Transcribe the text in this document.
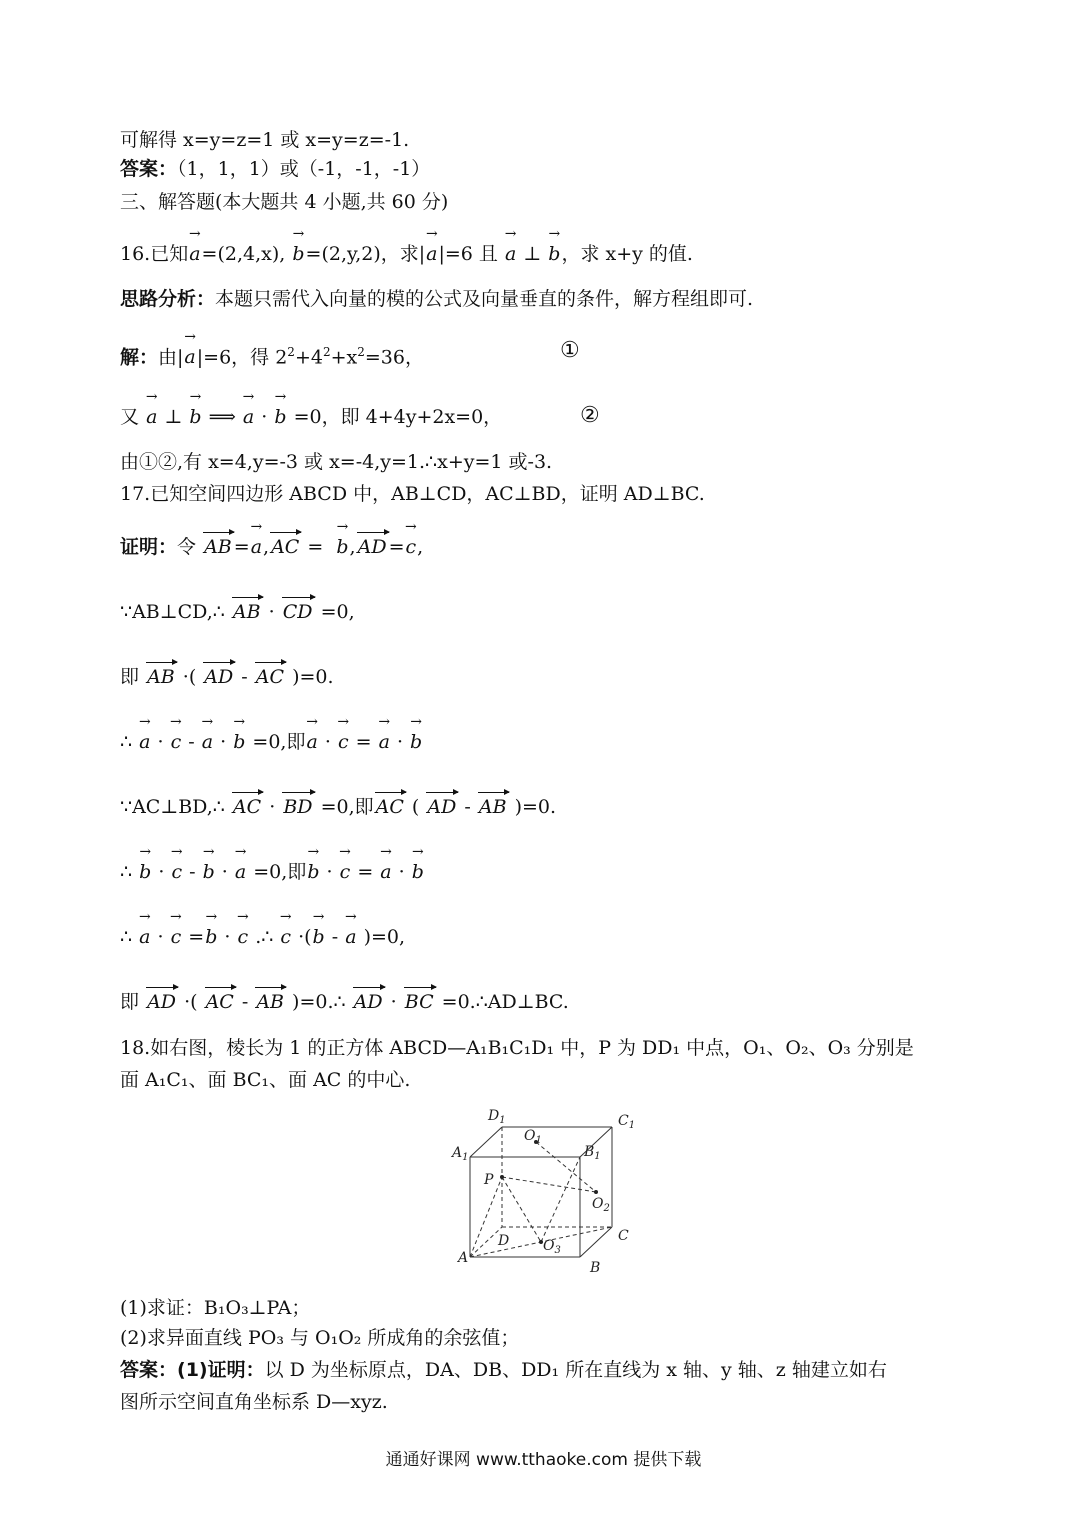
可解得 x=y=z=1 或 x=y=z=-1.
答案：（1，1，1）或（-1，-1，-1）
三、解答题(本大题共 4 小题,共 60 分)
16.已知→ a=(2,4,x), → b=(2,y,2)，求|→ a|=6 且 → a ⊥ → b，求 x+y 的值.
思路分析：本题只需代入向量的模的公式及向量垂直的条件，解方程组即可.
解：由|→ a|=6，得 $2^2+4^2+x^2=36$，	①
又 → a ⊥ → b ⟹ → a · → b =0，即 4+4y+2x=0，	②
由①②,有 x=4,y=-3 或 x=-4,y=1.∴x+y=1 或-3.
17.已知空间四边形 ABCD 中，AB⊥CD，AC⊥BD，证明 AD⊥BC.
证明：令 AB =→ a, AC =  → b, AD =→ c,
∵AB⊥CD,∴ AB · CD =0,
即 AB ·( AD - AC )=0.
∴ → a · → c - → a · → b =0,即→ a · → c = → a · → b
∵AC⊥BD,∴ AC · BD =0,即 AC ( AD - AB )=0.
∴ → b · → c - → b · → a =0,即→ b · → c = → a · → b
∴ → a · → c =→ b · → c .∴ → c ·(→ b - → a )=0,
即 AD ·( AC - AB )=0.∴ AD · BC =0.∴AD⊥BC.
18.如右图，棱长为 1 的正方体 ABCD—A₁B₁C₁D₁ 中，P 为 DD₁ 中点，O₁、O₂、O₃ 分别是
面 A₁C₁、面 BC₁、面 AC 的中心.
$D_1$	$C_1$
$A_1$	$B_1$
$O_1$
$O_2$
$O_3$
P
D	C
A
B
(1)求证：B₁O₃⊥PA；
(2)求异面直线 PO₃ 与 O₁O₂ 所成角的余弦值；
答案：(1)证明：以 D 为坐标原点，DA、DB、DD₁ 所在直线为 x 轴、y 轴、z 轴建立如右
图所示空间直角坐标系 D—xyz.
通通好课网 www.tthaoke.com 提供下载
